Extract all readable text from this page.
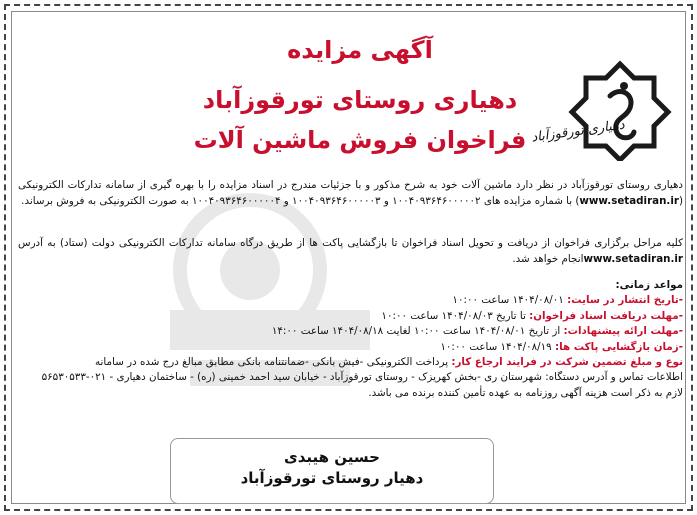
آگهی مزایده
دهیاری روستای تورقوزآباد
فراخوان فروش ماشین آلات دهیاری تورقوزآباد
دهیاری روستای تورقوزآباد در نظر دارد ماشین آلات خود به شرح مذکور و با جزئیات مندرج در اسناد مزایده را با بهره گیری از سامانه تدارکات الکترونیکی (www.setadiran.ir) با شماره مزایده های ۱۰۰۴۰۹۳۶۴۶۰۰۰۰۰۲ و ۱۰۰۴۰۹۳۶۴۶۰۰۰۰۰۳ و ۱۰۰۴۰۹۳۶۴۶۰۰۰۰۰۴ به صورت الکترونیکی به فروش برساند.
کلیه مراحل برگزاری فراخوان از دریافت و تحویل اسناد فراخوان تا بازگشایی پاکت ها از طریق درگاه سامانه تدارکات الکترونیکی دولت (ستاد) به آدرس www.setadiran.irانجام خواهد شد.
مواعد زمانی:
-تاریخ انتشار در سایت: ۱۴۰۴/۰۸/۰۱ ساعت ۱۰:۰۰
-مهلت دریافت اسناد فراخوان: تا تاریخ ۱۴۰۴/۰۸/۰۳ ساعت ۱۰:۰۰
-مهلت ارائه پیشنهادات: از تاریخ ۱۴۰۴/۰۸/۰۱ ساعت ۱۰:۰۰ لغایت ۱۴۰۴/۰۸/۱۸ ساعت ۱۴:۰۰
-زمان بازگشایی پاکت ها: ۱۴۰۴/۰۸/۱۹ ساعت ۱۰:۰۰
نوع و مبلغ تضمین شرکت در فرایند ارجاع کار: پرداخت الکترونیکی -فیش بانکی -ضمانتنامه بانکی مطابق مبالغ درج شده در سامانه
اطلاعات تماس و آدرس دستگاه: شهرستان ری -بخش کهریزک - روستای تورقوزآباد - خیابان سید احمد خمینی (ره) - ساختمان دهیاری - ۰۲۱-۵۶۵۳۰۵۳۳
لازم به ذکر است هزینه آگهی روزنامه به عهده تأمین کننده برنده می باشد.
حسین هیبدی
دهیار روستای تورقوزآباد
